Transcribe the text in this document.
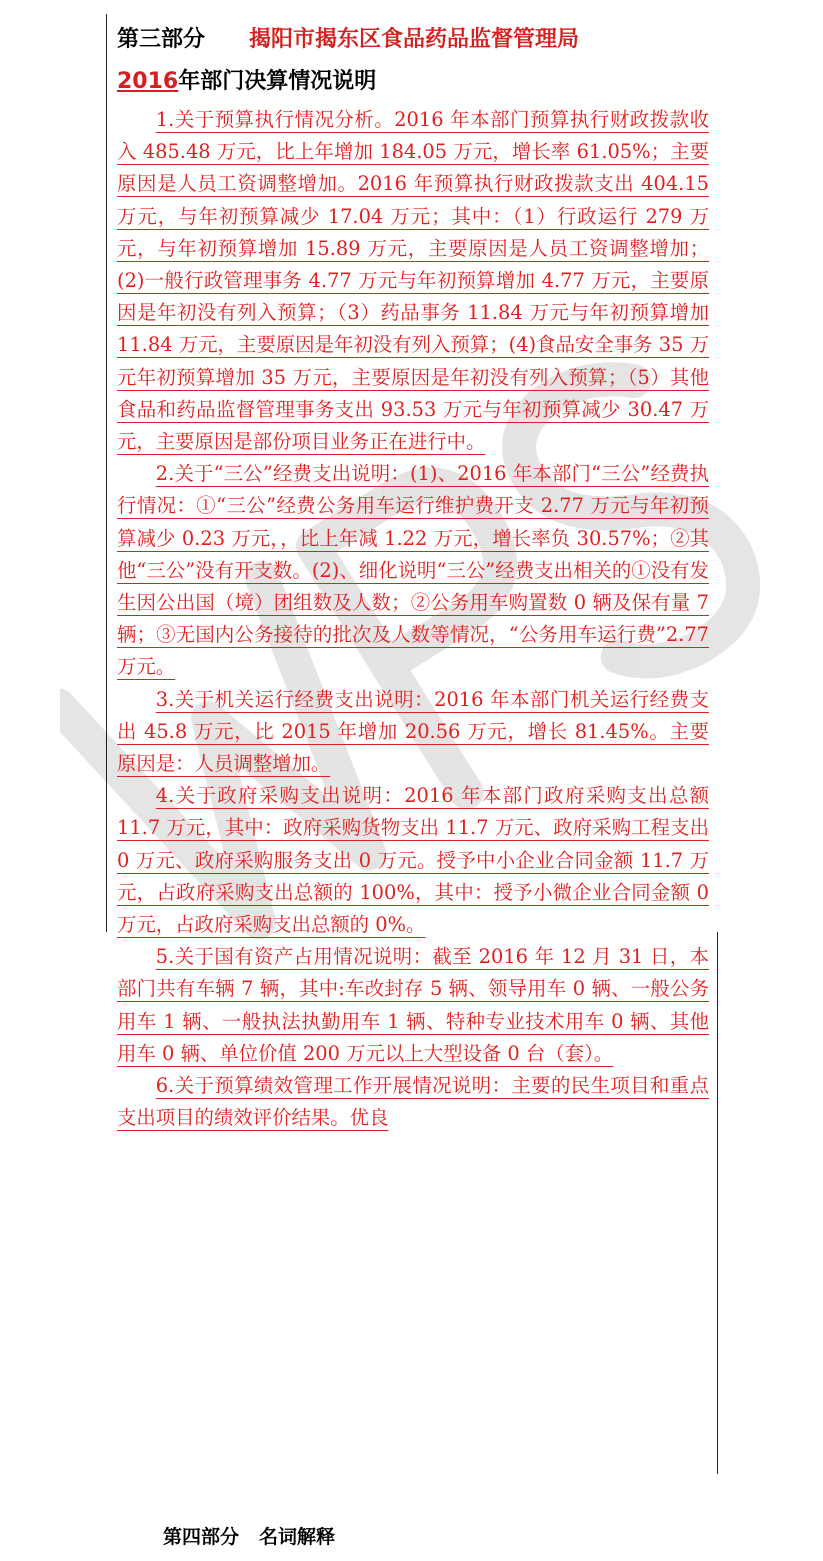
第三部分 揭阳市揭东区食品药品监督管理局
2016年部门决算情况说明

1.关于预算执行情况分析。2016 年本部门预算执行财政拨款收入 485.48 万元，比上年增加 184.05 万元，增长率 61.05%；主要原因是人员工资调整增加。2016 年预算执行财政拨款支出 404.15 万元，与年初预算减少 17.04 万元；其中：（1）行政运行 279 万元，与年初预算增加 15.89 万元，主要原因是人员工资调整增加；(2)一般行政管理事务 4.77 万元与年初预算增加 4.77 万元，主要原因是年初没有列入预算；（3）药品事务 11.84 万元与年初预算增加 11.84 万元，主要原因是年初没有列入预算；(4)食品安全事务 35 万元年初预算增加 35 万元，主要原因是年初没有列入预算；（5）其他食品和药品监督管理事务支出 93.53 万元与年初预算减少 30.47 万元，主要原因是部份项目业务正在进行中。

2.关于“三公”经费支出说明：(1)、2016 年本部门“三公”经费执行情况：①“三公”经费公务用车运行维护费开支 2.77 万元与年初预算减少 0.23 万元，，比上年减 1.22 万元，增长率负 30.57%；②其他“三公”没有开支数。(2)、细化说明“三公”经费支出相关的①没有发生因公出国（境）团组数及人数；②公务用车购置数 0 辆及保有量 7 辆；③无国内公务接待的批次及人数等情况，“公务用车运行费”2.77 万元。

3.关于机关运行经费支出说明：2016 年本部门机关运行经费支出 45.8 万元，比 2015 年增加 20.56 万元，增长 81.45%。主要原因是：人员调整增加。

4.关于政府采购支出说明：2016 年本部门政府采购支出总额 11.7 万元，其中：政府采购货物支出 11.7 万元、政府采购工程支出 0 万元、政府采购服务支出 0 万元。授予中小企业合同金额 11.7 万元，占政府采购支出总额的 100%，其中：授予小微企业合同金额 0 万元，占政府采购支出总额的 0%。

5.关于国有资产占用情况说明：截至 2016 年 12 月 31 日，本部门共有车辆 7 辆，其中:车改封存 5 辆、领导用车 0 辆、一般公务用车 1 辆、一般执法执勤用车 1 辆、特种专业技术用车 0 辆、其他用车 0 辆、单位价值 200 万元以上大型设备 0 台（套）。

6.关于预算绩效管理工作开展情况说明：主要的民生项目和重点支出项目的绩效评价结果。优良

第四部分 名词解释
